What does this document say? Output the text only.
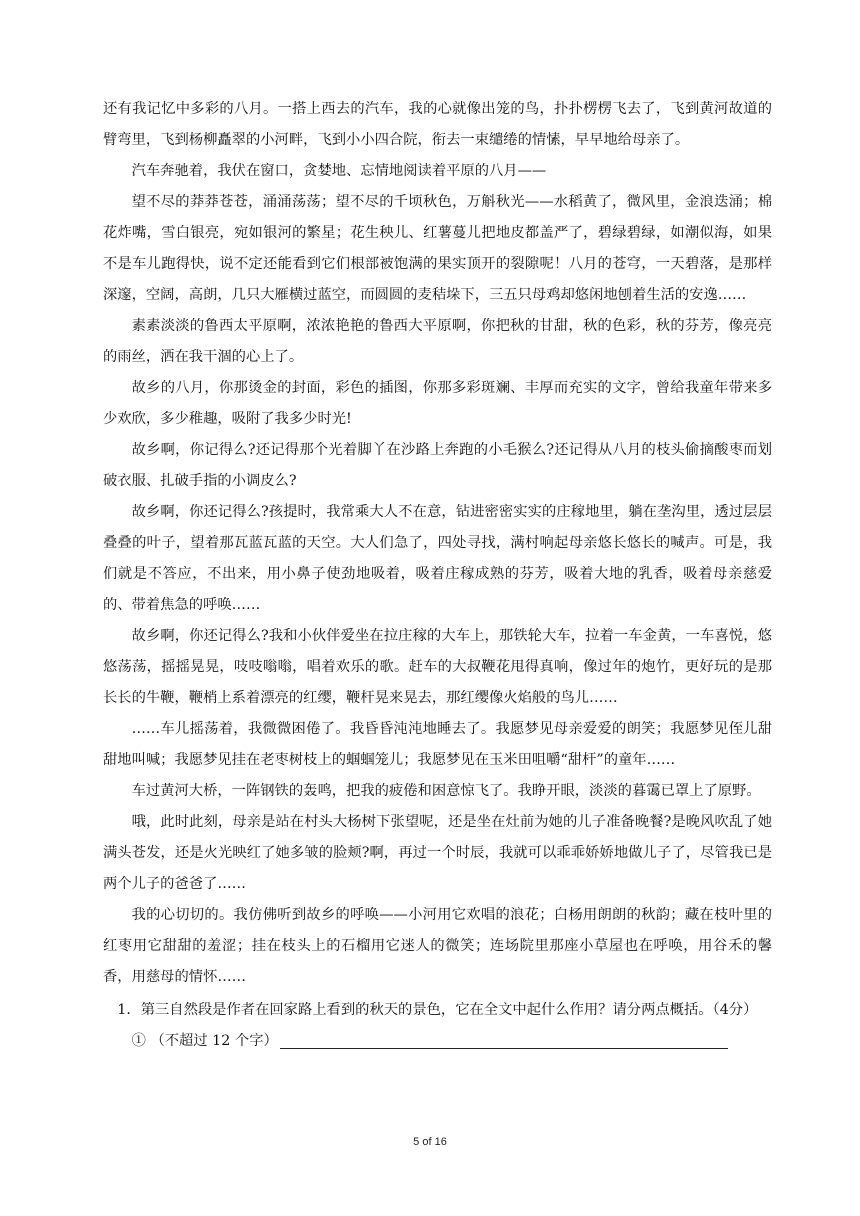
还有我记忆中多彩的八月。一搭上西去的汽车，我的心就像出笼的鸟，扑扑楞楞飞去了，飞到黄河故道的臂弯里，飞到杨柳矗翠的小河畔，飞到小小四合院，衔去一束缱绻的情愫，早早地给母亲了。

汽车奔驰着，我伏在窗口，贪婪地、忘情地阅读着平原的八月——

望不尽的莽莽苍苍，涌涌荡荡；望不尽的千顷秋色，万斛秋光——水稻黄了，微风里，金浪迭涌；棉花炸嘴，雪白银亮，宛如银河的繁星；花生秧儿、红薯蔓儿把地皮都盖严了，碧绿碧绿，如潮似海，如果不是车儿跑得快，说不定还能看到它们根部被饱满的果实顶开的裂隙呢！八月的苍穹，一天碧落，是那样深邃，空阔，高朗，几只大雁横过蓝空，而圆圆的麦秸垛下，三五只母鸡却悠闲地刨着生活的安逸……

素素淡淡的鲁西太平原啊，浓浓艳艳的鲁西大平原啊，你把秋的甘甜，秋的色彩，秋的芬芳，像亮亮的雨丝，洒在我干涸的心上了。

故乡的八月，你那烫金的封面，彩色的插图，你那多彩斑斓、丰厚而充实的文字，曾给我童年带来多少欢欣，多少稚趣，吸附了我多少时光!

故乡啊，你记得么?还记得那个光着脚丫在沙路上奔跑的小毛猴么?还记得从八月的枝头偷摘酸枣而划破衣服、扎破手指的小调皮么?

故乡啊，你还记得么?孩提时，我常乘大人不在意，钻进密密实实的庄稼地里，躺在垄沟里，透过层层叠叠的叶子，望着那瓦蓝瓦蓝的天空。大人们急了，四处寻找，满村响起母亲悠长悠长的喊声。可是，我们就是不答应，不出来，用小鼻子使劲地吸着，吸着庄稼成熟的芬芳，吸着大地的乳香，吸着母亲慈爱的、带着焦急的呼唤……

故乡啊，你还记得么?我和小伙伴爱坐在拉庄稼的大车上，那铁轮大车，拉着一车金黄，一车喜悦，悠悠荡荡，摇摇晃晃，吱吱嗡嗡，唱着欢乐的歌。赶车的大叔鞭花甩得真响，像过年的炮竹，更好玩的是那长长的牛鞭，鞭梢上系着漂亮的红缨，鞭杆晃来晃去，那红缨像火焰般的鸟儿……

……车儿摇荡着，我微微困倦了。我昏昏沌沌地睡去了。我愿梦见母亲爱爱的朗笑；我愿梦见侄儿甜甜地叫喊；我愿梦见挂在老枣树枝上的蝈蝈笼儿；我愿梦见在玉米田咀嚼“甜杆”的童年……

车过黄河大桥，一阵钢铁的轰鸣，把我的疲倦和困意惊飞了。我睁开眼，淡淡的暮霭已罩上了原野。

哦，此时此刻，母亲是站在村头大杨树下张望呢，还是坐在灶前为她的儿子准备晚餐?是晚风吹乱了她满头苍发，还是火光映红了她多皱的脸颊?啊，再过一个时辰，我就可以乖乖娇娇地做儿子了，尽管我已是两个儿子的爸爸了……

我的心切切的。我仿佛听到故乡的呼唤——小河用它欢唱的浪花；白杨用朗朗的秋韵；藏在枝叶里的红枣用它甜甜的羞涩；挂在枝头上的石榴用它迷人的微笑；连场院里那座小草屋也在呼唤，用谷禾的馨香，用慈母的情怀……

1．第三自然段是作者在回家路上看到的秋天的景色，它在全文中起什么作用？请分两点概括。（4分）

① （不超过 12 个字）

5 of 16
